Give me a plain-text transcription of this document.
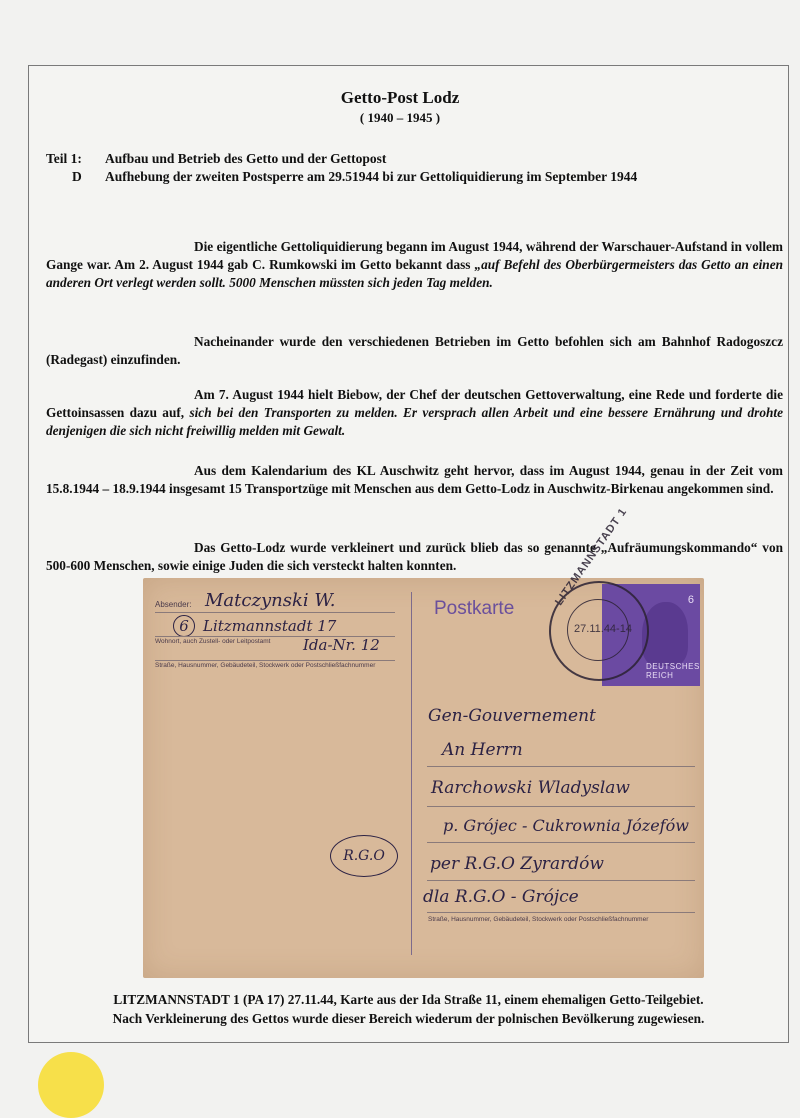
Getto-Post Lodz
( 1940 – 1945 )
Teil 1: Aufbau und Betrieb des Getto und der Gettopost
D Aufhebung der zweiten Postsperre am 29.51944 bi zur Gettoliquidierung im September 1944
Die eigentliche Gettoliquidierung begann im August 1944, während der Warschauer-Aufstand in vollem Gange war. Am 2. August 1944 gab C. Rumkowski im Getto bekannt dass „auf Befehl des Oberbürgermeisters das Getto an einen anderen Ort verlegt werden sollt. 5000 Menschen müssten sich jeden Tag melden.
Nacheinander wurde den verschiedenen Betrieben im Getto befohlen sich am Bahnhof Radogoszcz (Radegast) einzufinden.
Am 7. August 1944 hielt Biebow, der Chef der deutschen Gettoverwaltung, eine Rede und forderte die Gettoinsassen dazu auf, sich bei den Transporten zu melden. Er versprach allen Arbeit und eine bessere Ernährung und drohte denjenigen die sich nicht freiwillig melden mit Gewalt.
Aus dem Kalendarium des KL Auschwitz geht hervor, dass im August 1944, genau in der Zeit vom 15.8.1944 – 18.9.1944 insgesamt 15 Transportzüge mit Menschen aus dem Getto-Lodz in Auschwitz-Birkenau angekommen sind.
Das Getto-Lodz wurde verkleinert und zurück blieb das so genannte „Aufräumungskommando“ von 500-600 Menschen, sowie einige Juden die sich versteckt halten konnten.
Absender: Matczynski W.
6 Litzmannstadt 17
Wohnort, auch Zustell- oder Leitpostamt Ida-Nr. 12
Straße, Hausnummer, Gebäudeteil, Stockwerk oder Postschließfachnummer
R.G.O
Postkarte	6
DEUTSCHES REICH
LITZMANNSTADT 1
27.11.44-14
Gen-Gouvernement
An Herrn
Rarchowski Wladyslaw
p. Grójec - Cukrownia Józefów
per R.G.O Zyrardów
dla R.G.O - Grójce
Straße, Hausnummer, Gebäudeteil, Stockwerk oder Postschließfachnummer
LITZMANNSTADT 1 (PA 17) 27.11.44, Karte aus der Ida Straße 11, einem ehemaligen Getto-Teilgebiet.
Nach Verkleinerung des Gettos wurde dieser Bereich wiederum der polnischen Bevölkerung zugewiesen.
